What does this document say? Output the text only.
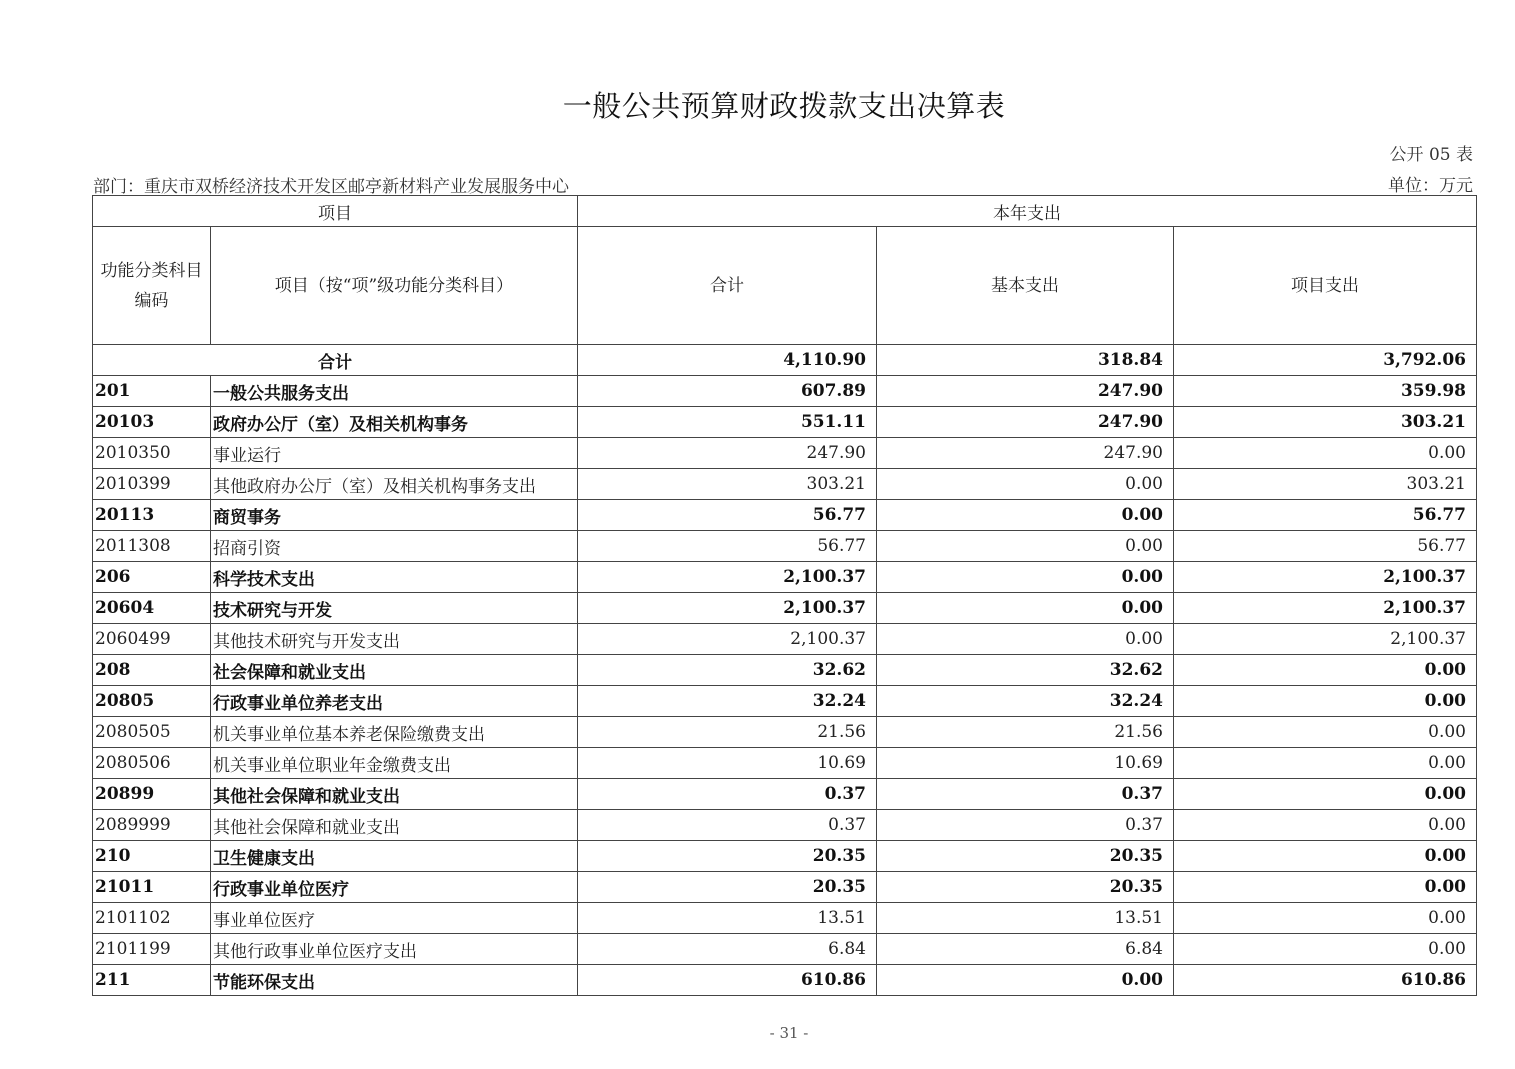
一般公共预算财政拨款支出决算表
公开 05 表
部门：重庆市双桥经济技术开发区邮亭新材料产业发展服务中心	单位：万元
项目		本年支出		
功能分类科目编码	项目（按“项”级功能分类科目）	合计	基本支出	项目支出
合计		4,110.90	318.84	3,792.06
201	一般公共服务支出	607.89	247.90	359.98
20103	政府办公厅（室）及相关机构事务	551.11	247.90	303.21
2010350	事业运行	247.90	247.90	0.00
2010399	其他政府办公厅（室）及相关机构事务支出	303.21	0.00	303.21
20113	商贸事务	56.77	0.00	56.77
2011308	招商引资	56.77	0.00	56.77
206	科学技术支出	2,100.37	0.00	2,100.37
20604	技术研究与开发	2,100.37	0.00	2,100.37
2060499	其他技术研究与开发支出	2,100.37	0.00	2,100.37
208	社会保障和就业支出	32.62	32.62	0.00
20805	行政事业单位养老支出	32.24	32.24	0.00
2080505	机关事业单位基本养老保险缴费支出	21.56	21.56	0.00
2080506	机关事业单位职业年金缴费支出	10.69	10.69	0.00
20899	其他社会保障和就业支出	0.37	0.37	0.00
2089999	其他社会保障和就业支出	0.37	0.37	0.00
210	卫生健康支出	20.35	20.35	0.00
21011	行政事业单位医疗	20.35	20.35	0.00
2101102	事业单位医疗	13.51	13.51	0.00
2101199	其他行政事业单位医疗支出	6.84	6.84	0.00
211	节能环保支出	610.86	0.00	610.86
- 31 -
